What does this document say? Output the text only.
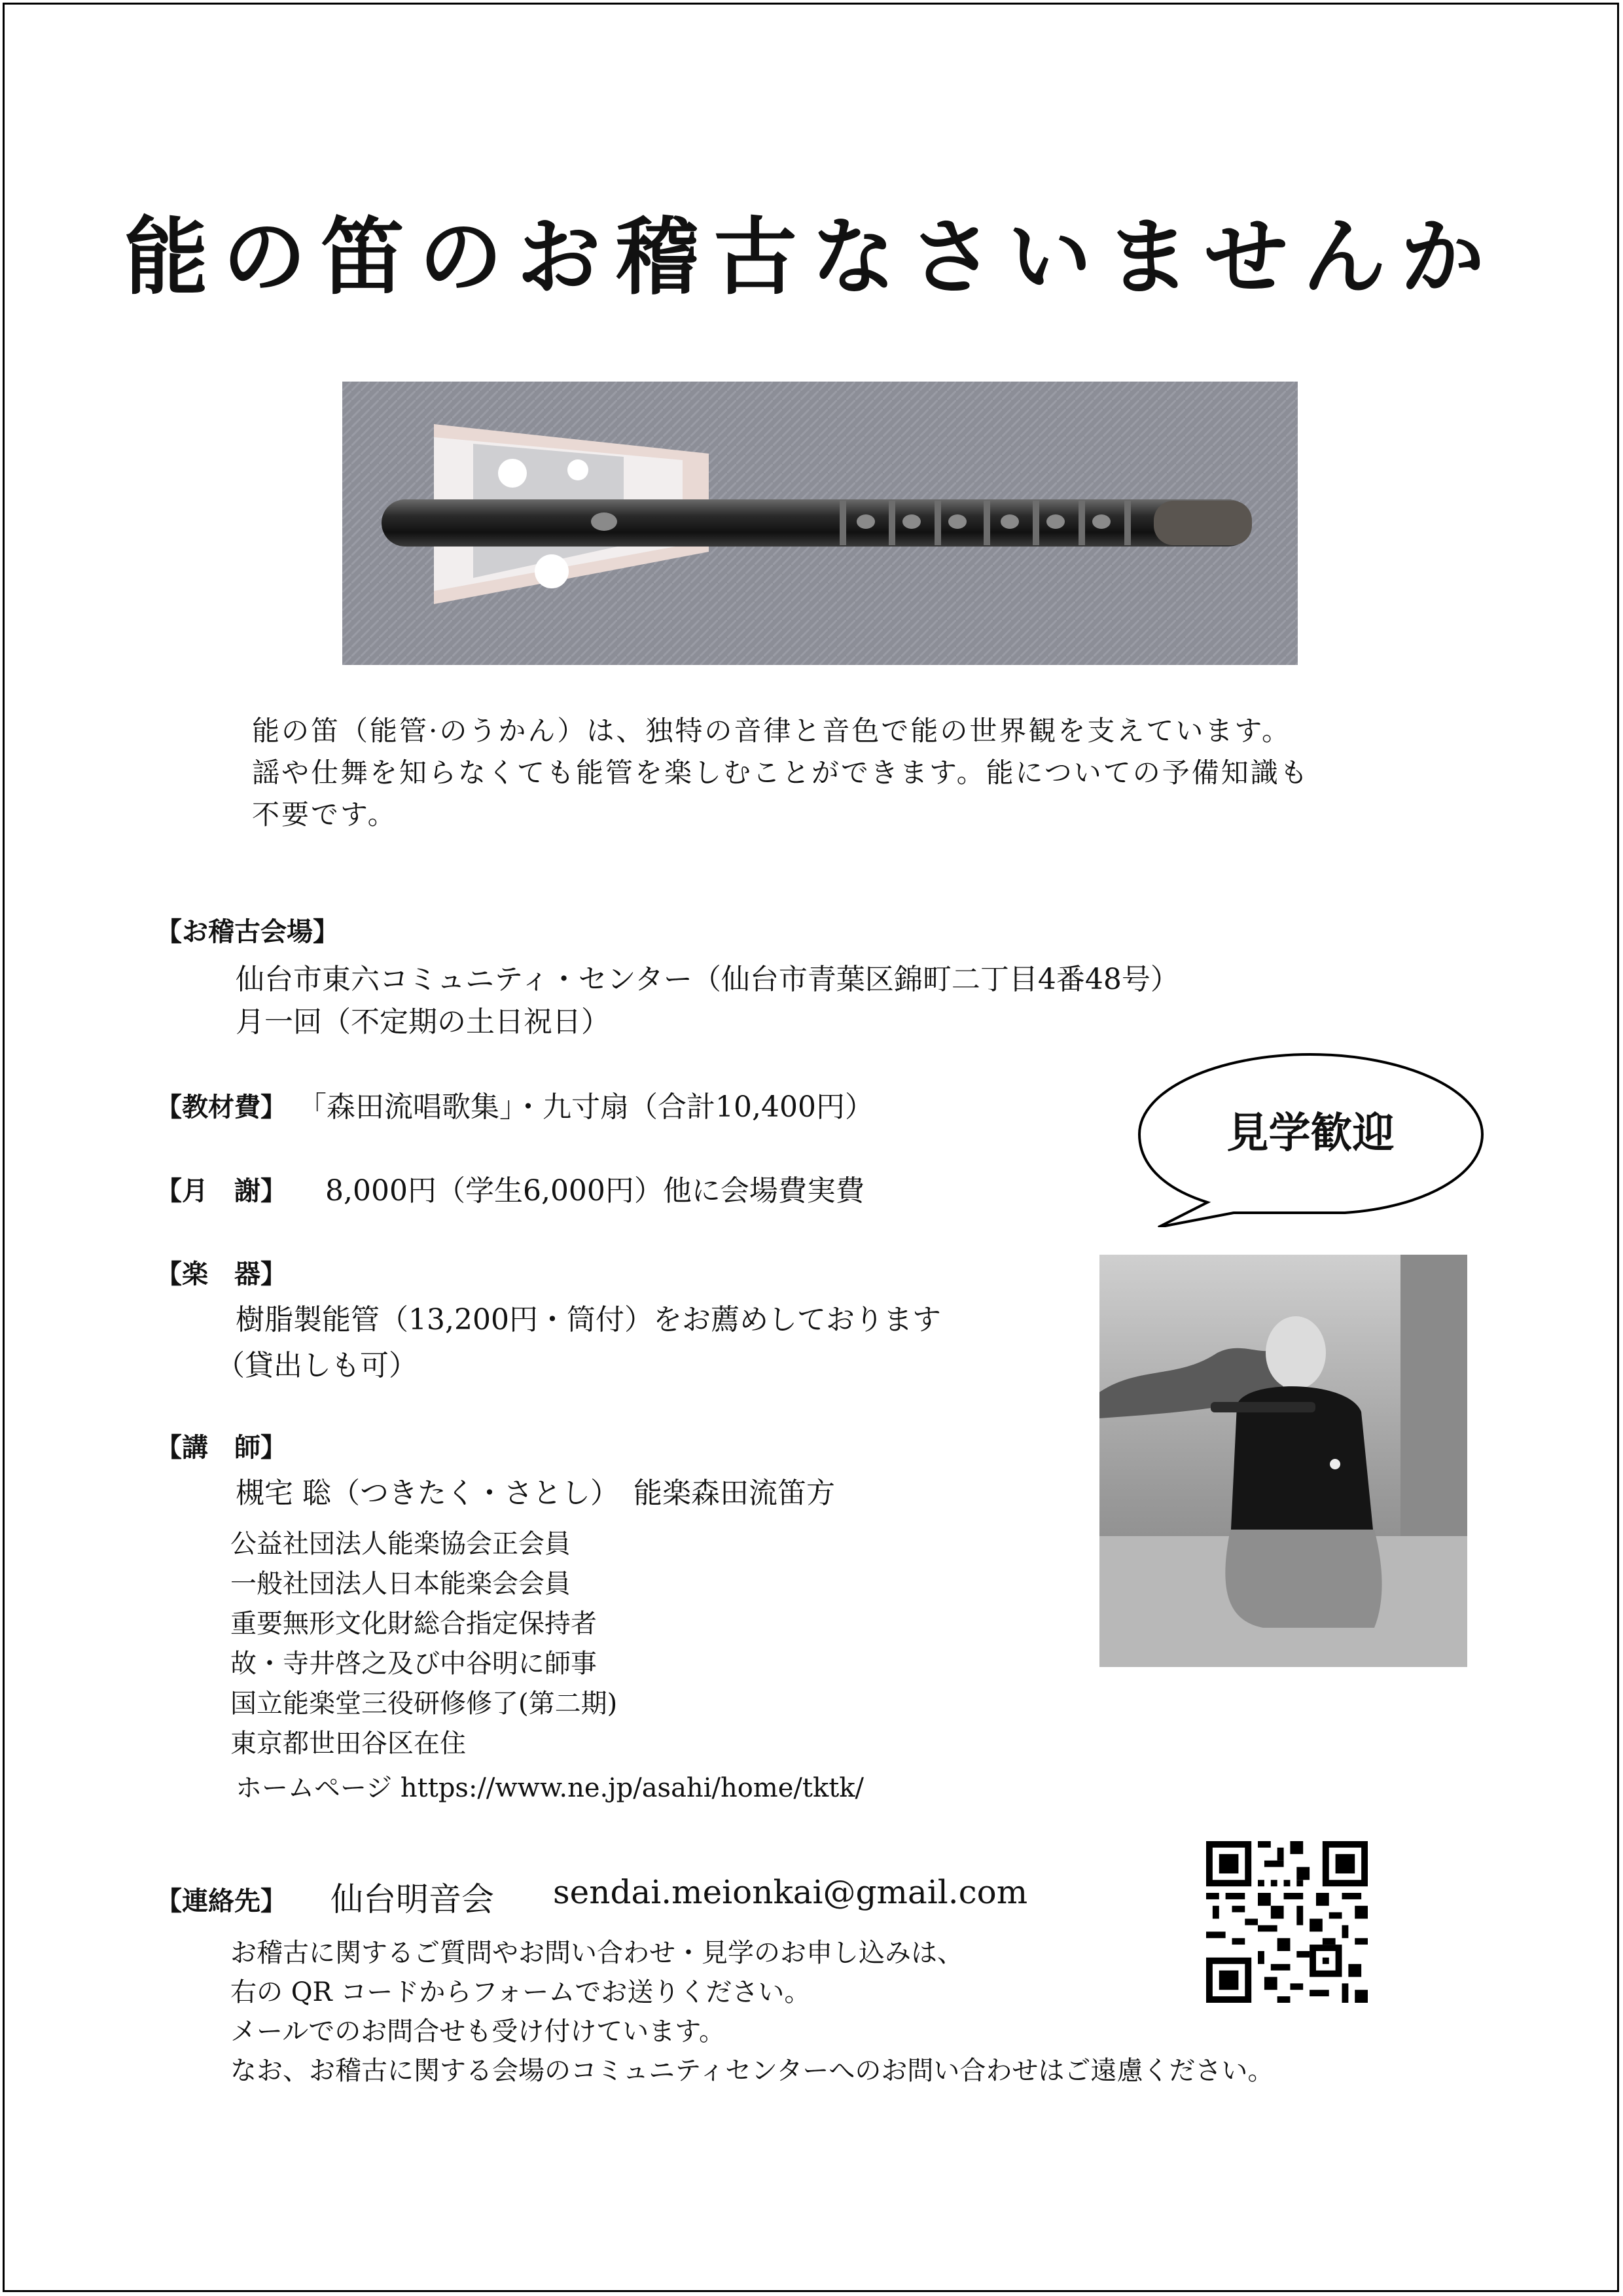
能の笛のお稽古なさいませんか
能の笛（能管·のうかん）は、独特の音律と音色で能の世界観を支えています。
謡や仕舞を知らなくても能管を楽しむことができます。能についての予備知識も
不要です。
【お稽古会場】
仙台市東六コミュニティ・センター（仙台市青葉区錦町二丁目4番48号）
月一回（不定期の土日祝日）
【教材費】 「森田流唱歌集」・九寸扇（合計10,400円）
【月　謝】 8,000円（学生6,000円）他に会場費実費
【楽　器】
樹脂製能管（13,200円・筒付）をお薦めしております
（貸出しも可）
見学歓迎
【講　師】
槻宅 聡（つきたく・さとし）　能楽森田流笛方
公益社団法人能楽協会正会員
一般社団法人日本能楽会会員
重要無形文化財総合指定保持者
故・寺井啓之及び中谷明に師事
国立能楽堂三役研修修了(第二期)
東京都世田谷区在住
ホームページ https://www.ne.jp/asahi/home/tktk/
【連絡先】 仙台明音会 sendai.meionkai@gmail.com
お稽古に関するご質問やお問い合わせ・見学のお申し込みは、
右の QR コードからフォームでお送りください。
メールでのお問合せも受け付けています。
なお、お稽古に関する会場のコミュニティセンターへのお問い合わせはご遠慮ください。
